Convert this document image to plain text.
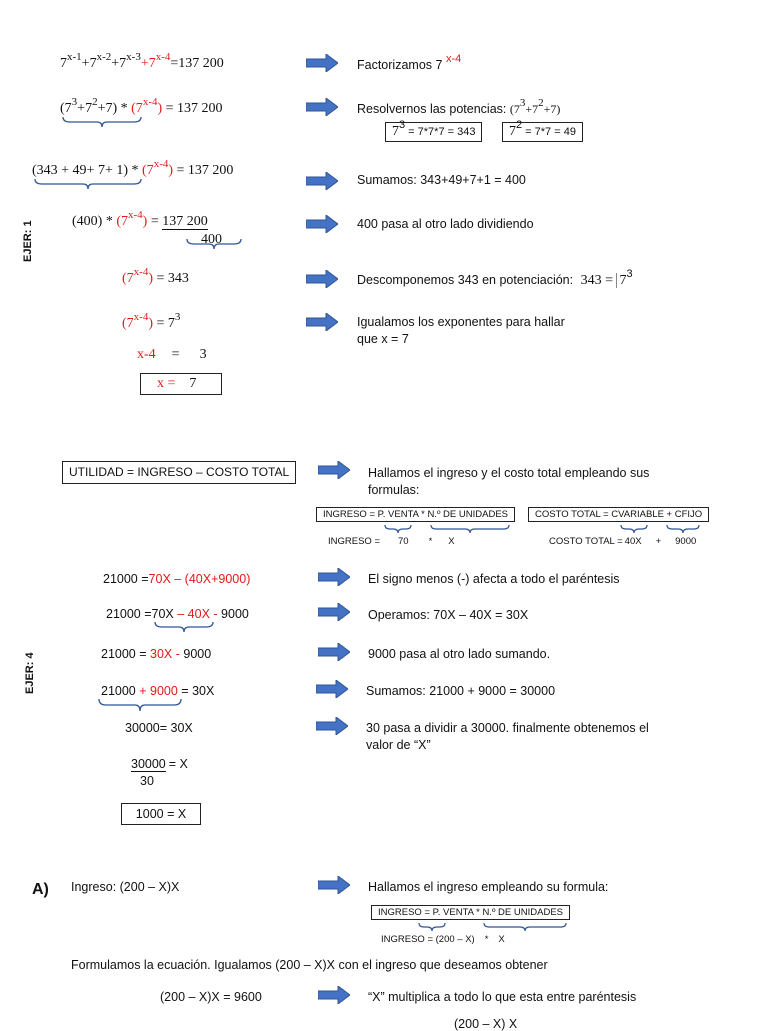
EJER: 1
$7^{x-1}+7^{x-2}+7^{x-3}+7^{x-4}=137$ 200	Factorizamos 7 $^{x-4}$
$(7^3+7^2+7) * (7^{x-4}) = 137$ 200	Resolvernos las potencias: $(7^3+7^2+7)$
$7^3 = 7*7*7 = 343$	$7^2 = 7*7 = 49$
$(343 + 49+ 7+ 1) * (7^{x-4}) = 137$ 200
Sumamos: 343+49+7+1 = 400
$(400) * (7^{x-4}) = 137$ 200
400
400 pasa al otro lado dividiendo
$(7^{x-4}) = 343$	Descomponemos 343 en potenciación: $343 = 7^3$
$(7^{x-4}) = 7^3$	Igualamos los exponentes para hallar
que x = 7
x-4 = 3
x = 7
EJER: 4
UTILIDAD = INGRESO – COSTO TOTAL	Hallamos el ingreso y el costo total empleando sus
formulas:
INGRESO = P. VENTA * N.º DE UNIDADES	COSTO TOTAL = CVARIABLE + CFIJO
INGRESO = 70 * X	COSTO TOTAL = 40X + 9000
21000 =70X – (40X+9000)	El signo menos (-) afecta a todo el paréntesis
21000 =70X – 40X - 9000	Operamos: 70X – 40X = 30X
21000 = 30X - 9000	9000 pasa al otro lado sumando.
21000 + 9000 = 30X	Sumamos: 21000 + 9000 = 30000
30000= 30X	30 pasa a dividir a 30000. finalmente obtenemos el
valor de “X”
30000 = X
30
1000 = X
A) Ingreso: (200 – X)X	Hallamos el ingreso empleando su formula:
INGRESO = P. VENTA * N.º DE UNIDADES
INGRESO = (200 – X) * X
Formulamos la ecuación. Igualamos (200 – X)X con el ingreso que deseamos obtener
(200 – X)X = 9600	“X” multiplica a todo lo que esta entre paréntesis
(200 – X) X
